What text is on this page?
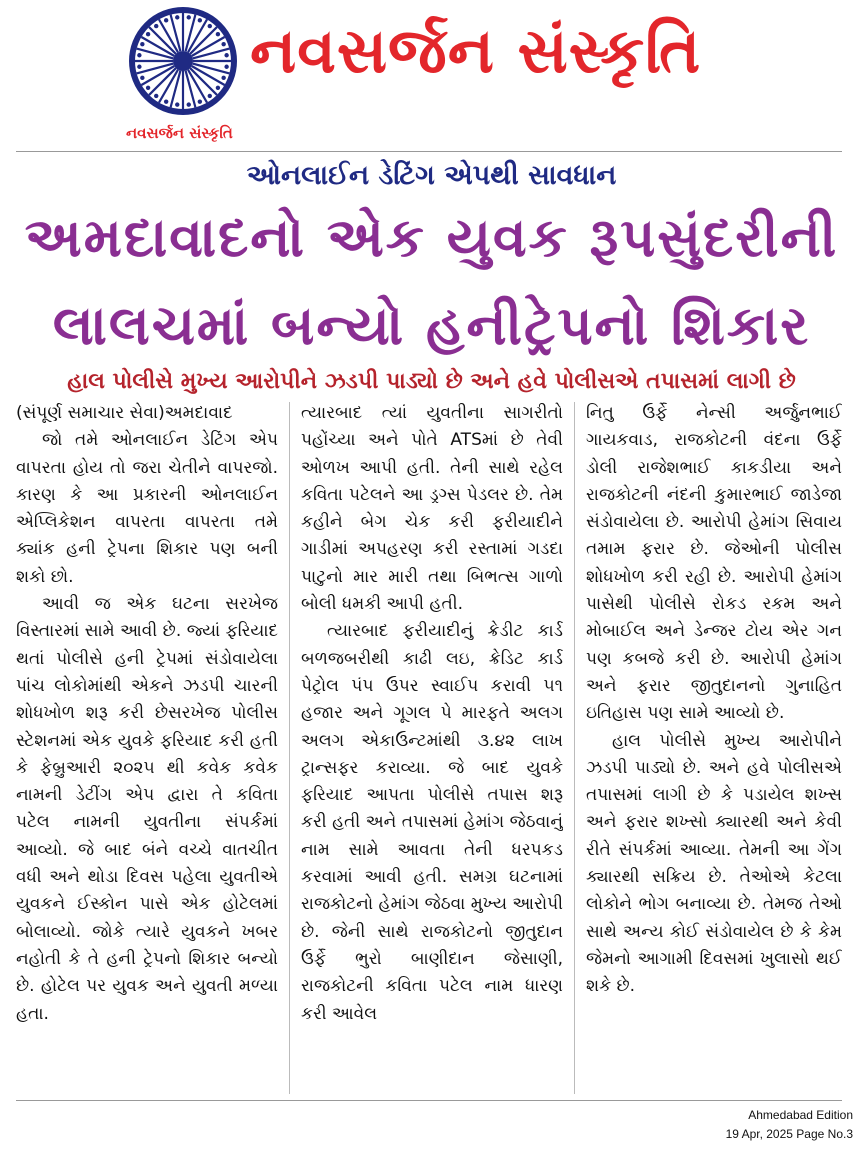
નવસર્જન સંસ્કૃતિ
નવસર્જન સંસ્કૃતિ
ઓનલાઈન ડેટિંગ એપથી સાવધાન
અમદાવાદનો એક યુવક રૂપસુંદરીની
લાલચમાં બન્યો હનીટ્રેપનો શિકાર
હાલ પોલીસે મુખ્ય આરોપીને ઝડપી પાડ્યો છે અને હવે પોલીસએ તપાસમાં લાગી છે

(સંપૂર્ણ સમાચાર સેવા)અમદાવાદ

જો તમે ઓનલાઈન ડેટિંગ એપ વાપરતા હોય તો જરા ચેતીને વાપરજો. કારણ કે આ પ્રકારની ઓનલાઈન એપ્લિકેશન વાપરતા વાપરતા તમે ક્યાંક હની ટ્રેપના શિકાર પણ બની શકો છો.

આવી જ એક ઘટના સરખેજ વિસ્તારમાં સામે આવી છે. જ્યાં ફરિયાદ થતાં પોલીસે હની ટ્રેપમાં સંડોવાયેલા પાંચ લોકોમાંથી એકને ઝડપી ચારની શોધખોળ શરૂ કરી છેસરખેજ પોલીસ સ્ટેશનમાં એક યુવકે ફરિયાદ કરી હતી કે ફેબ્રુઆરી ૨૦૨૫ થી કવેક કવેક નામની ડેટીંગ એપ દ્વારા તે કવિતા પટેલ નામની યુવતીના સંપર્કમાં આવ્યો. જે બાદ બંને વચ્ચે વાતચીત વધી અને થોડા દિવસ પહેલા યુવતીએ યુવકને ઈસ્કોન પાસે એક હોટેલમાં બોલાવ્યો. જોકે ત્યારે યુવકને ખબર નહોતી કે તે હની ટ્રેપનો શિકાર બન્યો છે. હોટેલ પર યુવક અને યુવતી મળ્યા હતા.

ત્યારબાદ ત્યાં યુવતીના સાગરીતો પહોંચ્યા અને પોતે ATSમાં છે તેવી ઓળખ આપી હતી. તેની સાથે રહેલ કવિતા પટેલને આ ડ્રગ્સ પેડલર છે. તેમ કહીને બેગ ચેક કરી ફરીયાદીને ગાડીમાં અપહરણ કરી રસ્તામાં ગડદા પાટુનો માર મારી તથા બિભત્સ ગાળો બોલી ધમકી આપી હતી.

ત્યારબાદ ફરીયાદીનું ક્રેડીટ કાર્ડ બળજબરીથી કાઢી લઇ, ક્રેડિટ કાર્ડ પેટ્રોલ પંપ ઉપર સ્વાઈપ કરાવી ૫૧ હજાર અને ગૂગલ પે મારફતે અલગ અલગ એકાઉન્ટમાંથી ૩.૪૨ લાખ ટ્રાન્સફર કરાવ્યા. જે બાદ યુવકે ફરિયાદ આપતા પોલીસે તપાસ શરૂ કરી હતી અને તપાસમાં હેમાંગ જેઠવાનું નામ સામે આવતા તેની ધરપકડ કરવામાં આવી હતી. સમગ્ર ઘટનામાં રાજકોટનો હેમાંગ જેઠવા મુખ્ય આરોપી છે. જેની સાથે રાજકોટનો જીતુદાન ઉર્ફે ભુરો બાણીદાન જેસાણી, રાજકોટની કવિતા પટેલ નામ ધારણ કરી આવેલ

નિતુ ઉર્ફે નેન્સી અર્જુનભાઈ ગાયકવાડ, રાજકોટની વંદના ઉર્ફે ડોલી રાજેશભાઈ કાકડીયા અને રાજકોટની નંદની કુમારભાઈ જાડેજા સંડોવાયેલા છે. આરોપી હેમાંગ સિવાય તમામ ફરાર છે. જેઓની પોલીસ શોધખોળ કરી રહી છે. આરોપી હેમાંગ પાસેથી પોલીસે રોકડ રકમ અને મોબાઈલ અને ડેન્જર ટોય એર ગન પણ કબજે કરી છે. આરોપી હેમાંગ અને ફરાર જીતુદાનનો ગુનાહિત ઇતિહાસ પણ સામે આવ્યો છે.

હાલ પોલીસે મુખ્ય આરોપીને ઝડપી પાડ્યો છે. અને હવે પોલીસએ તપાસમાં લાગી છે કે પડાયેલ શખ્સ અને ફરાર શખ્સો ક્યારથી અને કેવી રીતે સંપર્કમાં આવ્યા. તેમની આ ગેંગ ક્યારથી સક્રિય છે. તેઓએ કેટલા લોકોને ભોગ બનાવ્યા છે. તેમજ તેઓ સાથે અન્ય કોઈ સંડોવાયેલ છે કે કેમ જેમનો આગામી દિવસમાં ખુલાસો થઈ શકે છે.

Ahmedabad Edition
19 Apr, 2025 Page No.3
